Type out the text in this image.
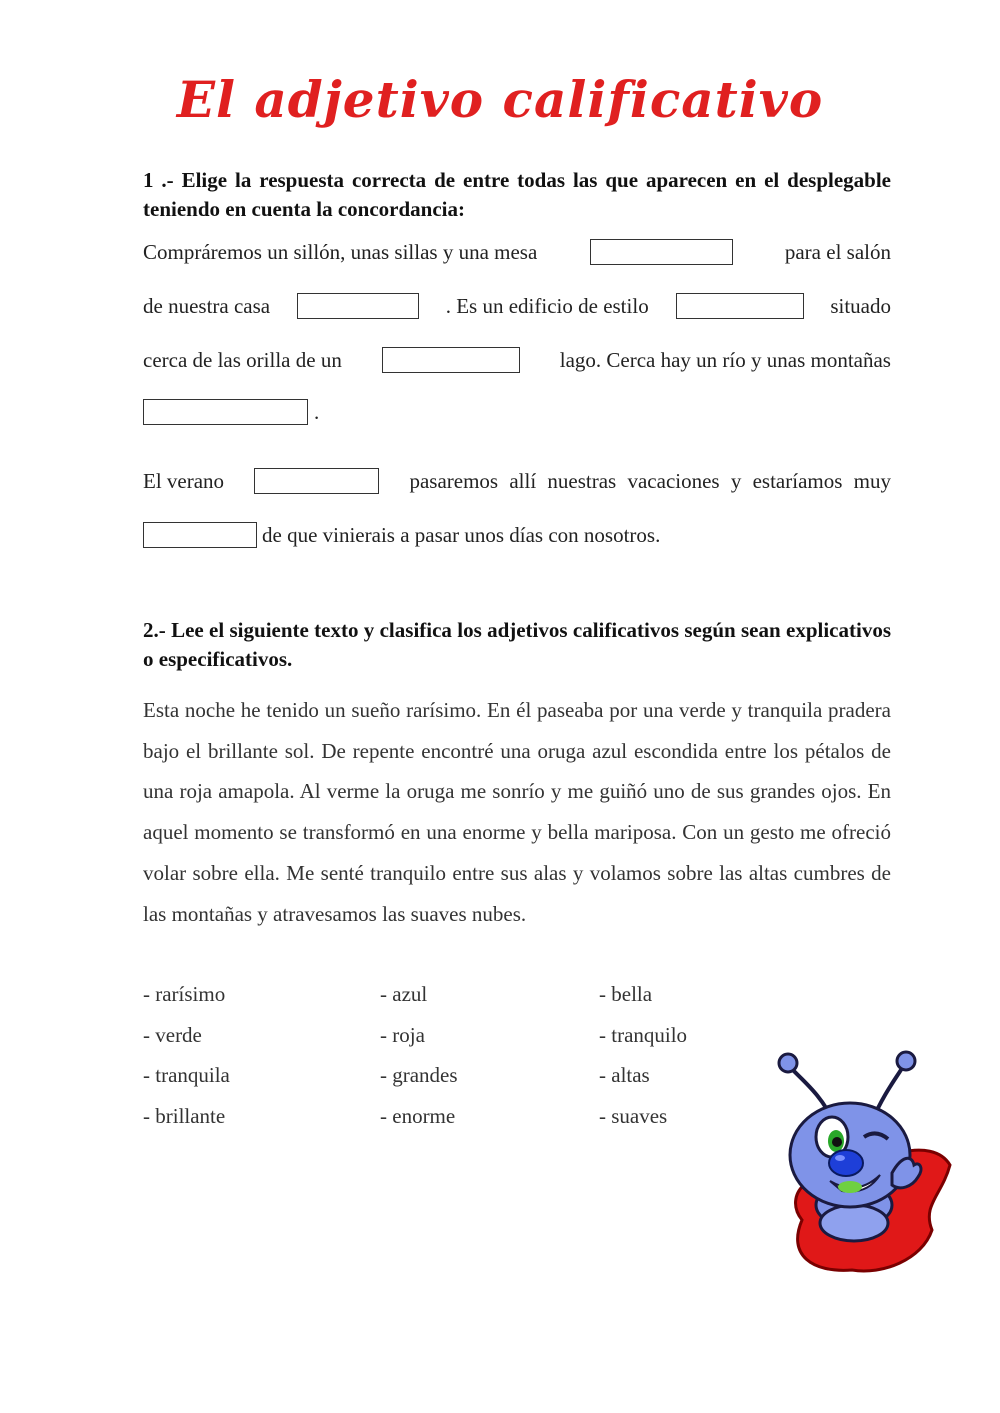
El adjetivo calificativo
1 .- Elige la respuesta correcta de entre todas las que aparecen en el desplegable teniendo en cuenta la concordancia:
Compráremos un sillón, unas sillas y una mesa	para el salón
de nuestra casa	. Es un edificio de estilo	situado
cerca de las orilla de un	lago. Cerca hay un río y unas montañas
.
El verano	pasaremos allí nuestras vacaciones y estaríamos muy
de que vinierais a pasar unos días con nosotros.
2.- Lee el siguiente texto y clasifica los adjetivos calificativos según sean explicativos o especificativos.
Esta noche he tenido un sueño rarísimo. En él paseaba por una verde y tranquila pradera bajo el brillante sol. De repente encontré una oruga azul escondida entre los pétalos de una roja amapola. Al verme la oruga me sonrío y me guiñó uno de sus grandes ojos. En aquel momento se transformó en una enorme y bella mariposa. Con un gesto me ofreció volar sobre ella. Me senté tranquilo entre sus alas y volamos sobre las altas cumbres de las montañas y atravesamos las suaves nubes.
- rarísimo
- verde
- tranquila
- brillante
- azul
- roja
- grandes
- enorme
- bella
- tranquilo
- altas
- suaves
